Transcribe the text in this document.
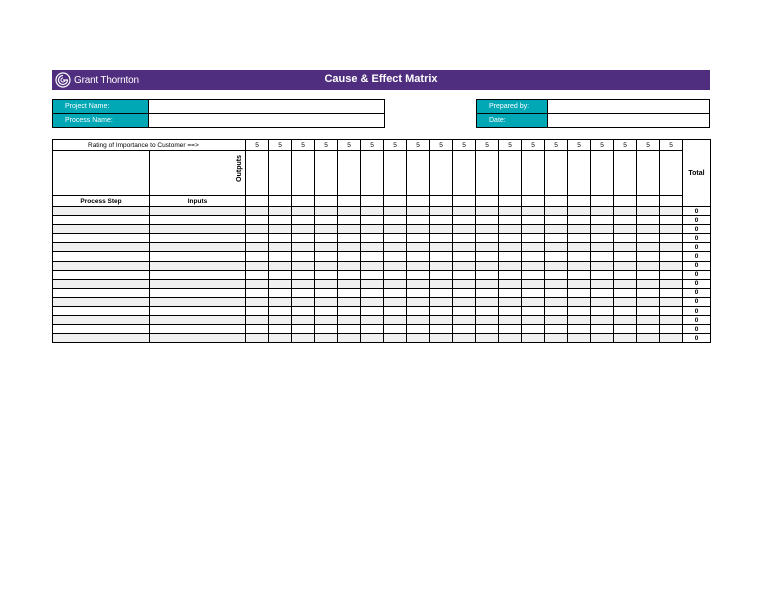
Grant Thornton	Cause & Effect Matrix
Project Name:	
Process Name:	
Prepared by:	
Date:	
Rating of Importance to Customer ==>		5	5	5	5	5	5	5	5	5	5	5	5	5	5	5	5	5	5	5	

	Outputs																				Total
Process Step	Inputs																				
																					0
																					0
																					0
																					0
																					0
																					0
																					0
																					0
																					0
																					0
																					0
																					0
																					0
																					0
																					0
